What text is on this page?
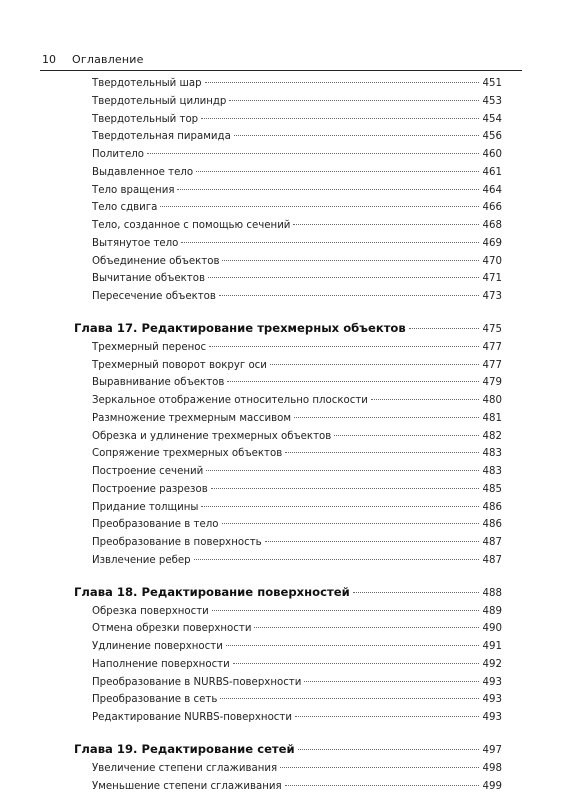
10 Оглавление
Твердотельный шар	451
Твердотельный цилиндр	453
Твердотельный тор	454
Твердотельная пирамида	456
Политело	460
Выдавленное тело	461
Тело вращения	464
Тело сдвига	466
Тело, созданное с помощью сечений	468
Вытянутое тело	469
Объединение объектов	470
Вычитание объектов	471
Пересечение объектов	473
Глава 17. Редактирование трехмерных объектов	475
Трехмерный перенос	477
Трехмерный поворот вокруг оси	477
Выравнивание объектов	479
Зеркальное отображение относительно плоскости	480
Размножение трехмерным массивом	481
Обрезка и удлинение трехмерных объектов	482
Сопряжение трехмерных объектов	483
Построение сечений	483
Построение разрезов	485
Придание толщины	486
Преобразование в тело	486
Преобразование в поверхность	487
Извлечение ребер	487
Глава 18. Редактирование поверхностей	488
Обрезка поверхности	489
Отмена обрезки поверхности	490
Удлинение поверхности	491
Наполнение поверхности	492
Преобразование в NURBS-поверхности	493
Преобразование в сеть	493
Редактирование NURBS-поверхности	493
Глава 19. Редактирование сетей	497
Увеличение степени сглаживания	498
Уменьшение степени сглаживания	499
